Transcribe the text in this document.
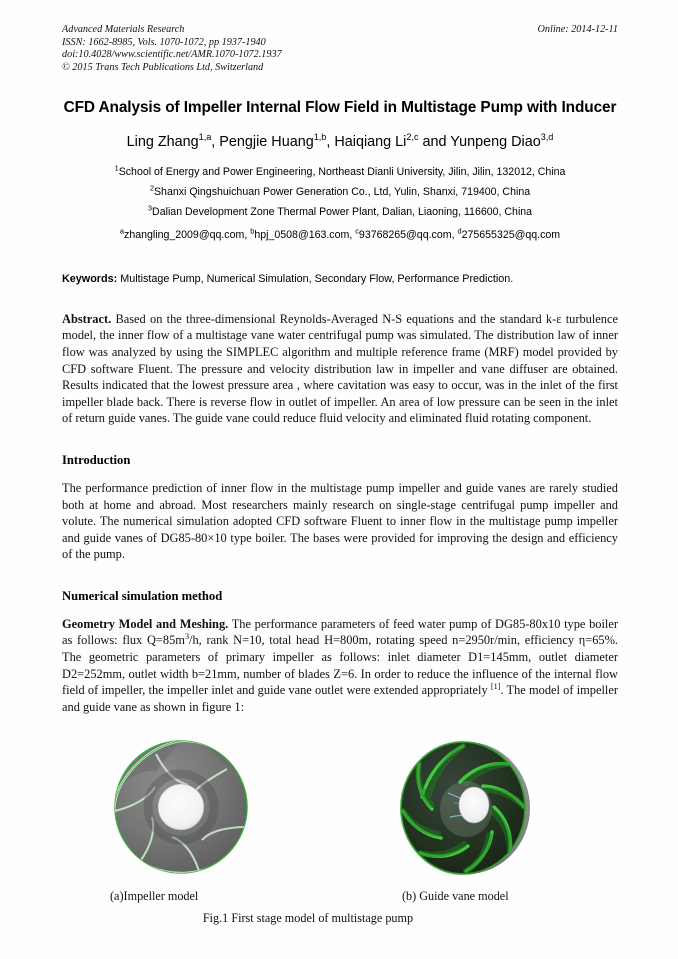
Advanced Materials Research
ISSN: 1662-8985, Vols. 1070-1072, pp 1937-1940
doi:10.4028/www.scientific.net/AMR.1070-1072.1937
© 2015 Trans Tech Publications Ltd, Switzerland
Online: 2014-12-11
CFD Analysis of Impeller Internal Flow Field in Multistage Pump with Inducer
Ling Zhang$^{1,a}$, Pengjie Huang$^{1,b}$, Haiqiang Li$^{2,c}$ and Yunpeng Diao$^{3,d}$
$^1$School of Energy and Power Engineering, Northeast Dianli University, Jilin, Jilin, 132012, China
$^2$Shanxi Qingshuichuan Power Generation Co., Ltd, Yulin, Shanxi, 719400, China
$^3$Dalian Development Zone Thermal Power Plant, Dalian, Liaoning, 116600, China
$^a$zhangling_2009@qq.com, $^b$hpj_0508@163.com, $^c$93768265@qq.com, $^d$275655325@qq.com
Keywords: Multistage Pump, Numerical Simulation, Secondary Flow, Performance Prediction.
Abstract. Based on the three-dimensional Reynolds-Averaged N-S equations and the standard k-ε turbulence model, the inner flow of a multistage vane water centrifugal pump was simulated. The distribution law of inner flow was analyzed by using the SIMPLEC algorithm and multiple reference frame (MRF) model provided by CFD software Fluent. The pressure and velocity distribution law in impeller and vane diffuser are obtained. Results indicated that the lowest pressure area , where cavitation was easy to occur, was in the inlet of the first impeller blade back. There is reverse flow in outlet of impeller. An area of low pressure can be seen in the inlet of return guide vanes. The guide vane could reduce fluid velocity and eliminated fluid rotating component.
Introduction
The performance prediction of inner flow in the multistage pump impeller and guide vanes are rarely studied both at home and abroad. Most researchers mainly research on single-stage centrifugal pump impeller and volute. The numerical simulation adopted CFD software Fluent to inner flow in the multistage pump impeller and guide vanes of DG85-80×10 type boiler. The bases were provided for improving the design and efficiency of the pump.
Numerical simulation method
Geometry Model and Meshing. The performance parameters of feed water pump of DG85-80x10 type boiler as follows: flux $Q=85m^3/h$, rank N=10, total head H=800m, rotating speed n=2950r/min, efficiency η=65%. The geometric parameters of primary impeller as follows: inlet diameter D1=145mm, outlet diameter D2=252mm, outlet width b=21mm, number of blades Z=6. In order to reduce the influence of the internal flow field of impeller, the impeller inlet and guide vane outlet were extended appropriately [1]. The model of impeller and guide vane as shown in figure 1:
(a)Impeller model	(b) Guide vane model
Fig.1 First stage model of multistage pump
